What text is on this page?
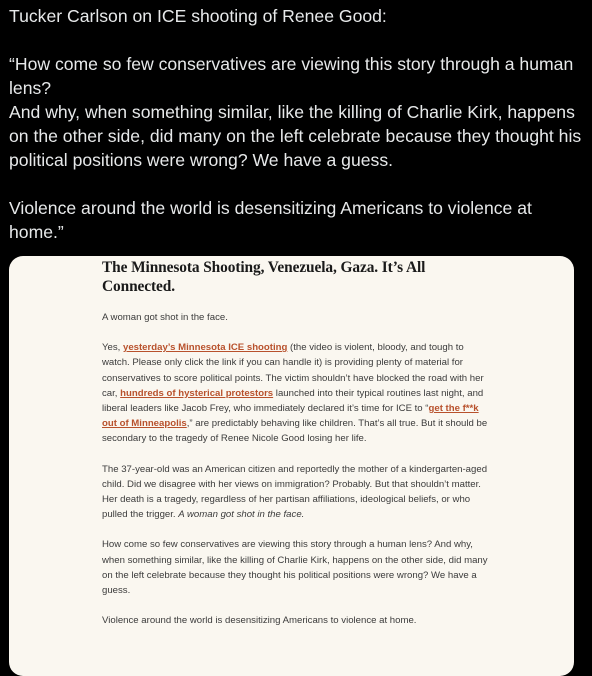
Tucker Carlson on ICE shooting of Renee Good:

“How come so few conservatives are viewing this story through a human lens?

And why, when something similar, like the killing of Charlie Kirk, happens on the other side, did many on the left celebrate because they thought his political positions were wrong? We have a guess.

Violence around the world is desensitizing Americans to violence at home.”

The Minnesota Shooting, Venezuela, Gaza. It’s All Connected.

A woman got shot in the face.

Yes, yesterday’s Minnesota ICE shooting (the video is violent, bloody, and tough to watch. Please only click the link if you can handle it) is providing plenty of material for conservatives to score political points. The victim shouldn’t have blocked the road with her car, hundreds of hysterical protestors launched into their typical routines last night, and liberal leaders like Jacob Frey, who immediately declared it’s time for ICE to “get the f**k out of Minneapolis,” are predictably behaving like children. That’s all true. But it should be secondary to the tragedy of Renee Nicole Good losing her life.

The 37-year-old was an American citizen and reportedly the mother of a kindergarten-aged child. Did we disagree with her views on immigration? Probably. But that shouldn’t matter. Her death is a tragedy, regardless of her partisan affiliations, ideological beliefs, or who pulled the trigger. A woman got shot in the face.

How come so few conservatives are viewing this story through a human lens? And why, when something similar, like the killing of Charlie Kirk, happens on the other side, did many on the left celebrate because they thought his political positions were wrong? We have a guess.

Violence around the world is desensitizing Americans to violence at home.
